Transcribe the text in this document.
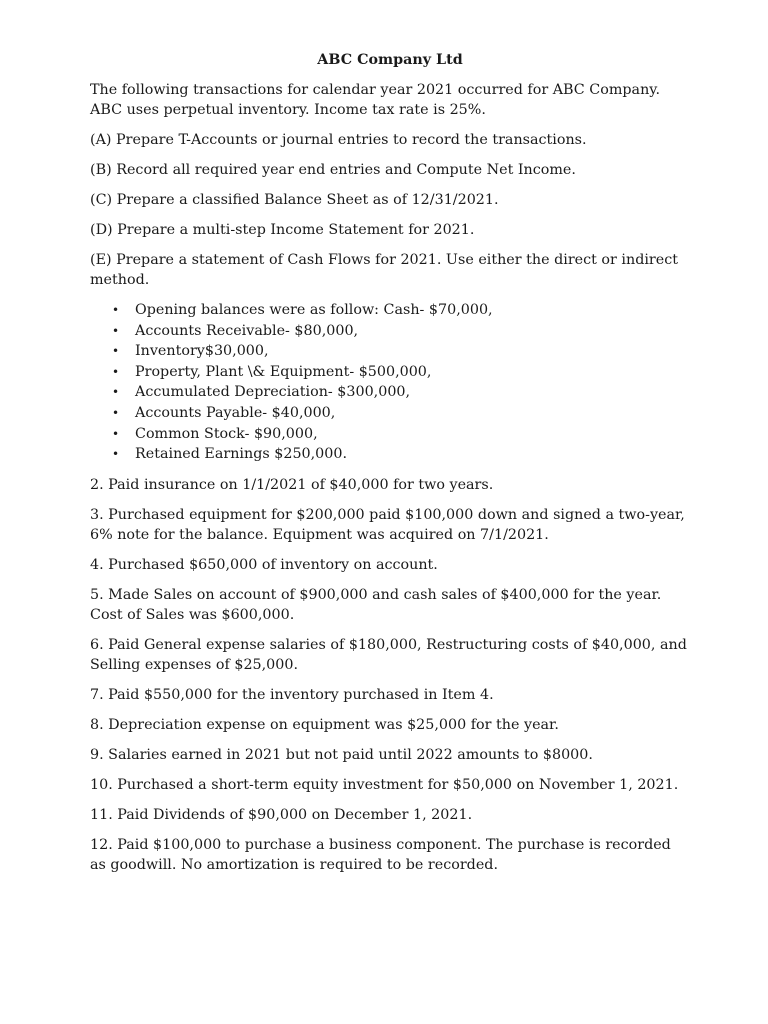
ABC Company Ltd

The following transactions for calendar year 2021 occurred for ABC Company. ABC uses perpetual inventory. Income tax rate is 25%.

(A) Prepare T-Accounts or journal entries to record the transactions.

(B) Record all required year end entries and Compute Net Income.

(C) Prepare a classified Balance Sheet as of 12/31/2021.

(D) Prepare a multi-step Income Statement for 2021.

(E) Prepare a statement of Cash Flows for 2021. Use either the direct or indirect method.

• Opening balances were as follow: Cash- $70,000,
• Accounts Receivable- $80,000,
• Inventory$30,000,
• Property, Plant \& Equipment- $500,000,
• Accumulated Depreciation- $300,000,
• Accounts Payable- $40,000,
• Common Stock- $90,000,
• Retained Earnings $250,000.

2. Paid insurance on 1/1/2021 of $40,000 for two years.

3. Purchased equipment for $200,000 paid $100,000 down and signed a two-year, 6% note for the balance. Equipment was acquired on 7/1/2021.

4. Purchased $650,000 of inventory on account.

5. Made Sales on account of $900,000 and cash sales of $400,000 for the year. Cost of Sales was $600,000.

6. Paid General expense salaries of $180,000, Restructuring costs of $40,000, and Selling expenses of $25,000.

7. Paid $550,000 for the inventory purchased in Item 4.

8. Depreciation expense on equipment was $25,000 for the year.

9. Salaries earned in 2021 but not paid until 2022 amounts to $8000.

10. Purchased a short-term equity investment for $50,000 on November 1, 2021.

11. Paid Dividends of $90,000 on December 1, 2021.

12. Paid $100,000 to purchase a business component. The purchase is recorded as goodwill. No amortization is required to be recorded.
